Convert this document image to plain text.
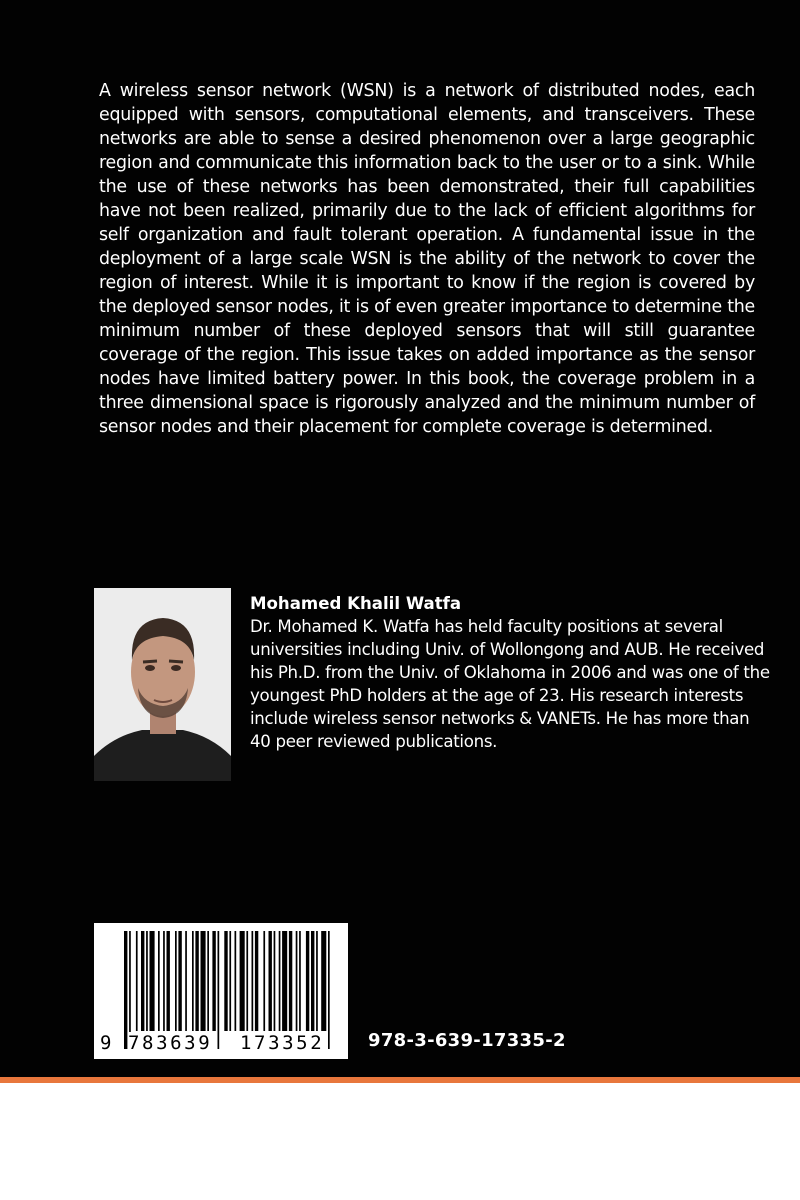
A wireless sensor network (WSN) is a network of distributed nodes, each equipped with sensors, computational elements, and transceivers. These networks are able to sense a desired phenomenon over a large geographic region and communicate this information back to the user or to a sink. While the use of these networks has been demonstrated, their full capabilities have not been realized, primarily due to the lack of efficient algorithms for self organization and fault tolerant operation. A fundamental issue in the deployment of a large scale WSN is the ability of the network to cover the region of interest. While it is important to know if the region is covered by the deployed sensor nodes, it is of even greater importance to determine the minimum number of these deployed sensors that will still guarantee coverage of the region. This issue takes on added importance as the sensor nodes have limited battery power. In this book, the coverage problem in a three dimensional space is rigorously analyzed and the minimum number of sensor nodes and their placement for complete coverage is determined.

Mohamed Khalil Watfa

Dr. Mohamed K. Watfa has held faculty positions at several universities including Univ. of Wollongong and AUB. He received his Ph.D. from the Univ. of Oklahoma in 2006 and was one of the youngest PhD holders at the age of 23. His research interests include wireless sensor networks & VANETs. He has more than 40 peer reviewed publications.

9 783639 173352 978-3-639-17335-2
